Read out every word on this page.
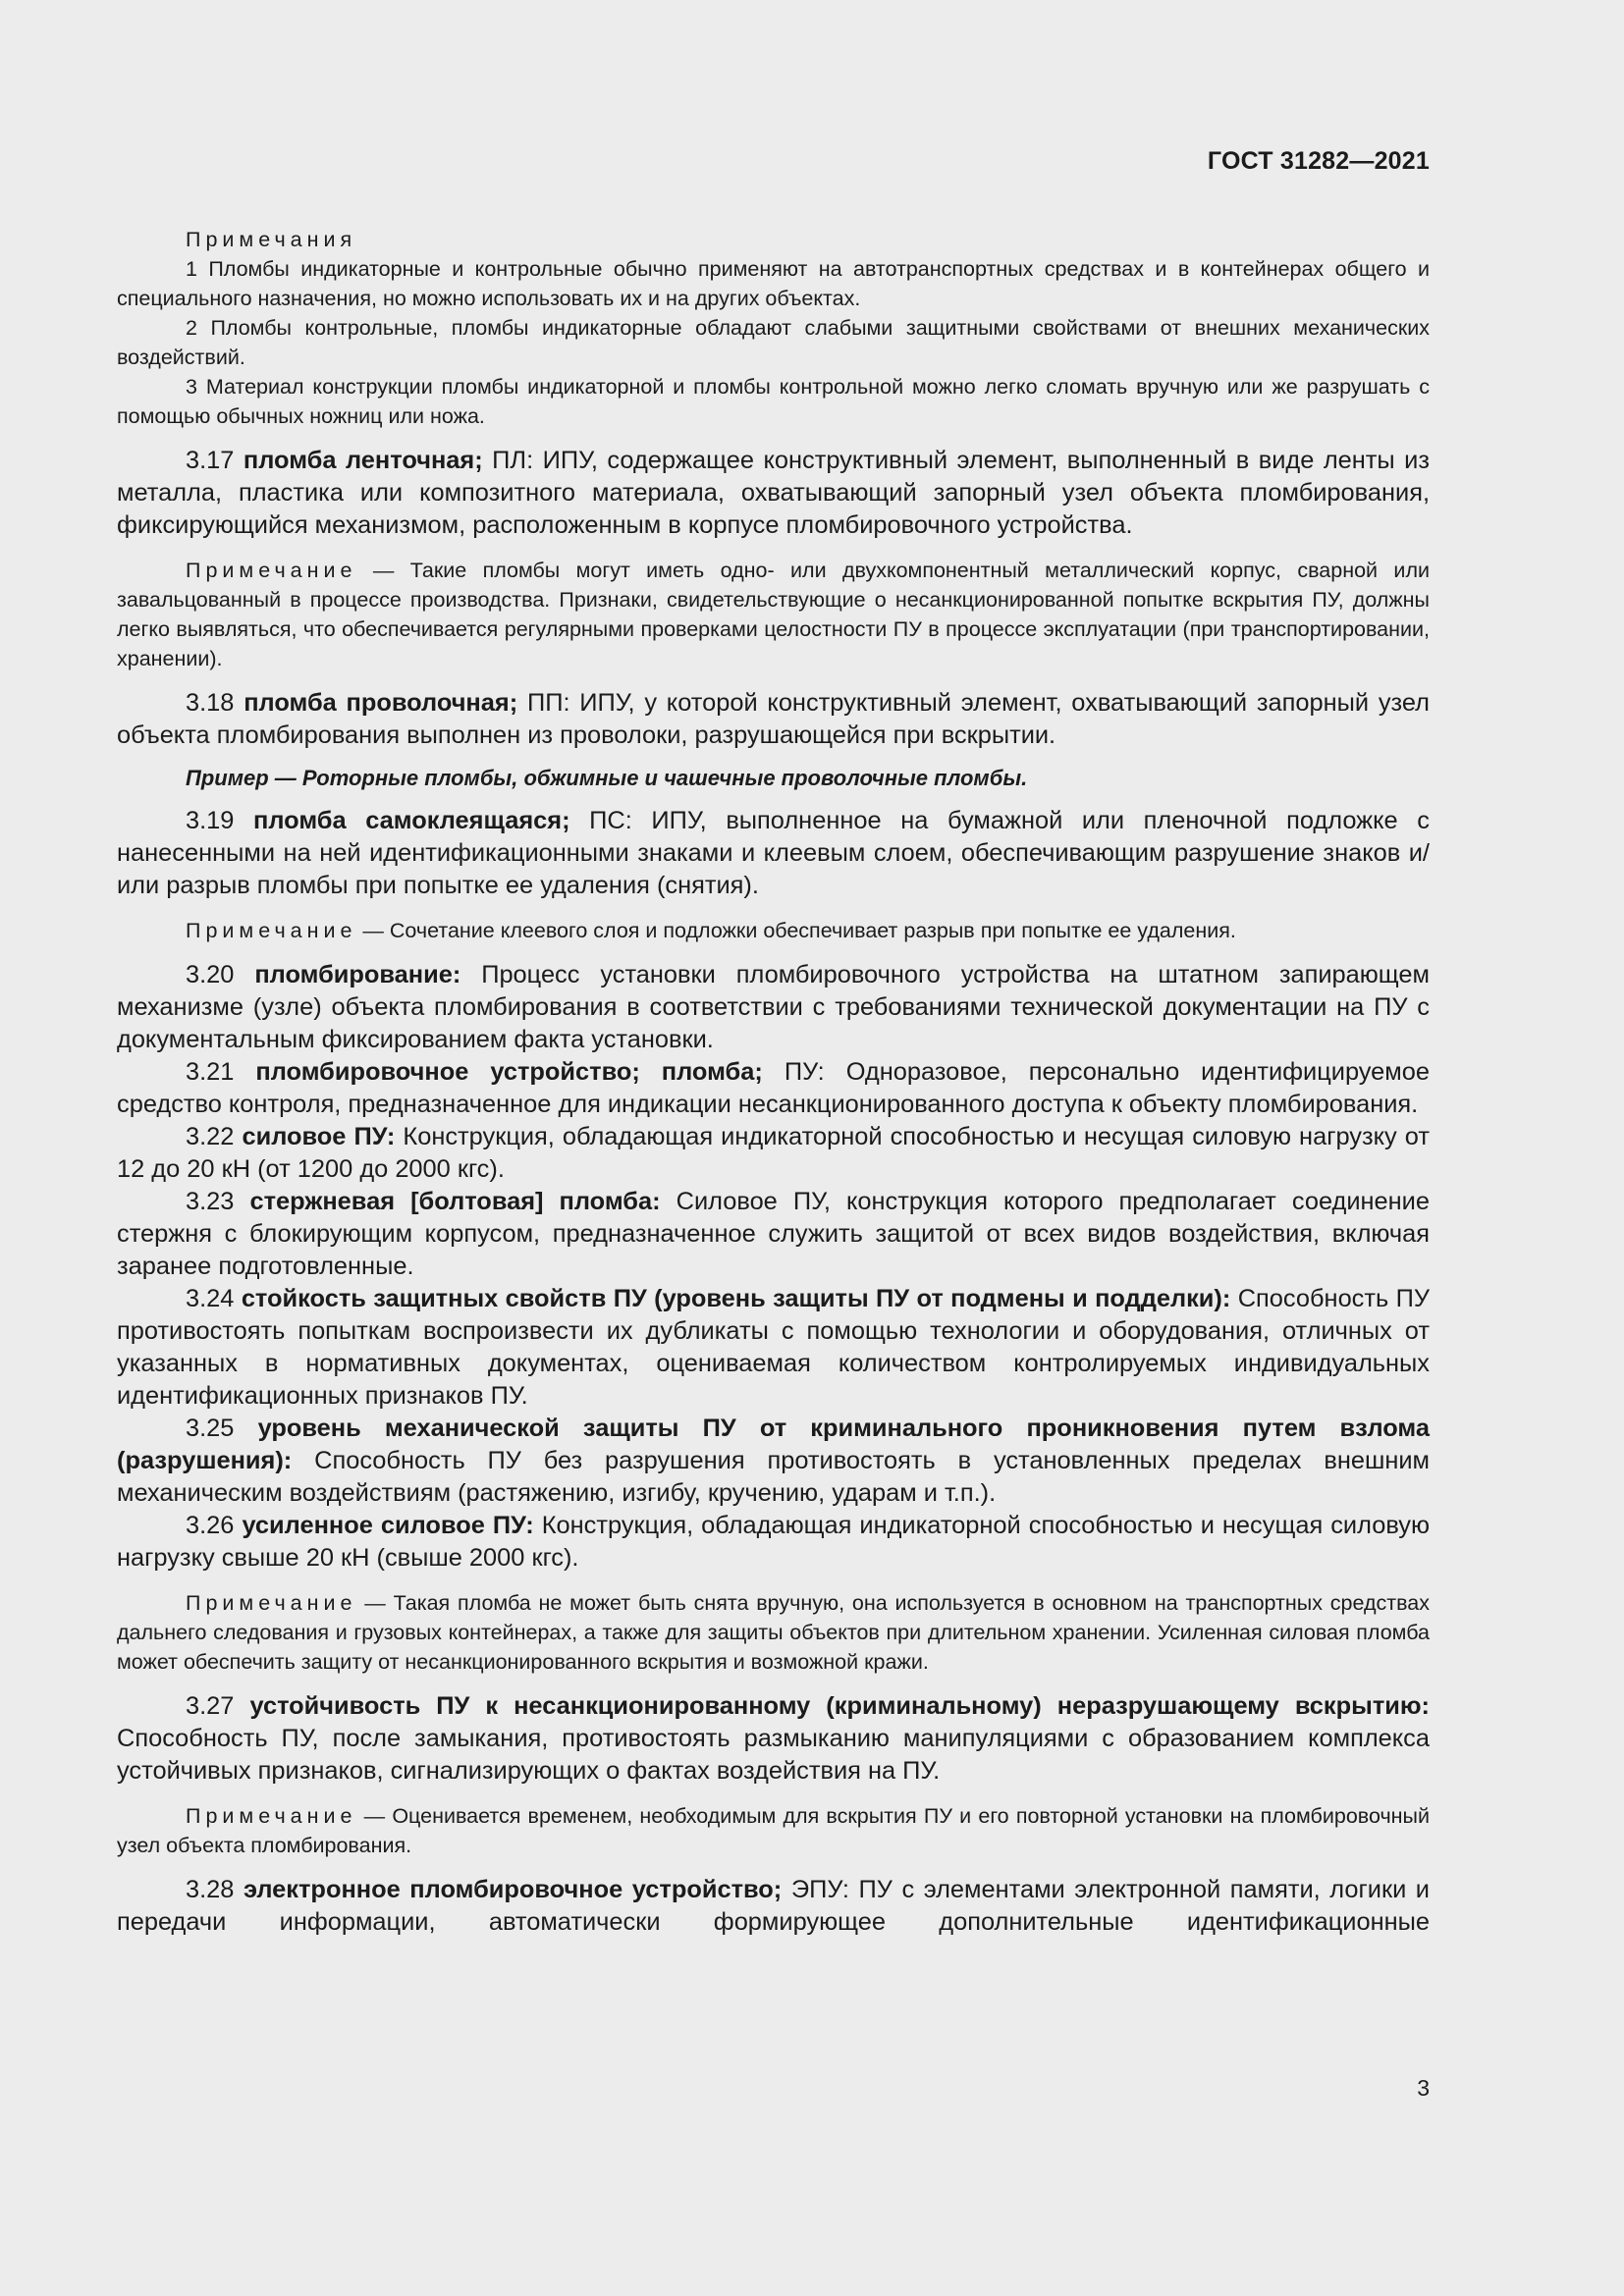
ГОСТ 31282—2021

Примечания

1 Пломбы индикаторные и контрольные обычно применяют на автотранспортных средствах и в контейнерах общего и специального назначения, но можно использовать их и на других объектах.

2 Пломбы контрольные, пломбы индикаторные обладают слабыми защитными свойствами от внешних механических воздействий.

3 Материал конструкции пломбы индикаторной и пломбы контрольной можно легко сломать вручную или же разрушать с помощью обычных ножниц или ножа.

3.17 пломба ленточная; ПЛ: ИПУ, содержащее конструктивный элемент, выполненный в виде ленты из металла, пластика или композитного материала, охватывающий запорный узел объекта пломбирования, фиксирующийся механизмом, расположенным в корпусе пломбировочного устройства.

Примечание — Такие пломбы могут иметь одно- или двухкомпонентный металлический корпус, сварной или завальцованный в процессе производства. Признаки, свидетельствующие о несанкционированной попытке вскрытия ПУ, должны легко выявляться, что обеспечивается регулярными проверками целостности ПУ в процессе эксплуатации (при транспортировании, хранении).

3.18 пломба проволочная; ПП: ИПУ, у которой конструктивный элемент, охватывающий запорный узел объекта пломбирования выполнен из проволоки, разрушающейся при вскрытии.

Пример — Роторные пломбы, обжимные и чашечные проволочные пломбы.

3.19 пломба самоклеящаяся; ПС: ИПУ, выполненное на бумажной или пленочной подложке с нанесенными на ней идентификационными знаками и клеевым слоем, обеспечивающим разрушение знаков и/или разрыв пломбы при попытке ее удаления (снятия).

Примечание — Сочетание клеевого слоя и подложки обеспечивает разрыв при попытке ее удаления.

3.20 пломбирование: Процесс установки пломбировочного устройства на штатном запирающем механизме (узле) объекта пломбирования в соответствии с требованиями технической документации на ПУ с документальным фиксированием факта установки.

3.21 пломбировочное устройство; пломба; ПУ: Одноразовое, персонально идентифицируемое средство контроля, предназначенное для индикации несанкционированного доступа к объекту пломбирования.

3.22 силовое ПУ: Конструкция, обладающая индикаторной способностью и несущая силовую нагрузку от 12 до 20 кН (от 1200 до 2000 кгс).

3.23 стержневая [болтовая] пломба: Силовое ПУ, конструкция которого предполагает соединение стержня с блокирующим корпусом, предназначенное служить защитой от всех видов воздействия, включая заранее подготовленные.

3.24 стойкость защитных свойств ПУ (уровень защиты ПУ от подмены и подделки): Способность ПУ противостоять попыткам воспроизвести их дубликаты с помощью технологии и оборудования, отличных от указанных в нормативных документах, оцениваемая количеством контролируемых индивидуальных идентификационных признаков ПУ.

3.25 уровень механической защиты ПУ от криминального проникновения путем взлома (разрушения): Способность ПУ без разрушения противостоять в установленных пределах внешним механическим воздействиям (растяжению, изгибу, кручению, ударам и т.п.).

3.26 усиленное силовое ПУ: Конструкция, обладающая индикаторной способностью и несущая силовую нагрузку свыше 20 кН (свыше 2000 кгс).

Примечание — Такая пломба не может быть снята вручную, она используется в основном на транспортных средствах дальнего следования и грузовых контейнерах, а также для защиты объектов при длительном хранении. Усиленная силовая пломба может обеспечить защиту от несанкционированного вскрытия и возможной кражи.

3.27 устойчивость ПУ к несанкционированному (криминальному) неразрушающему вскрытию: Способность ПУ, после замыкания, противостоять размыканию манипуляциями с образованием комплекса устойчивых признаков, сигнализирующих о фактах воздействия на ПУ.

Примечание — Оценивается временем, необходимым для вскрытия ПУ и его повторной установки на пломбировочный узел объекта пломбирования.

3.28 электронное пломбировочное устройство; ЭПУ: ПУ с элементами электронной памяти, логики и передачи информации, автоматически формирующее дополнительные идентификационные

3
